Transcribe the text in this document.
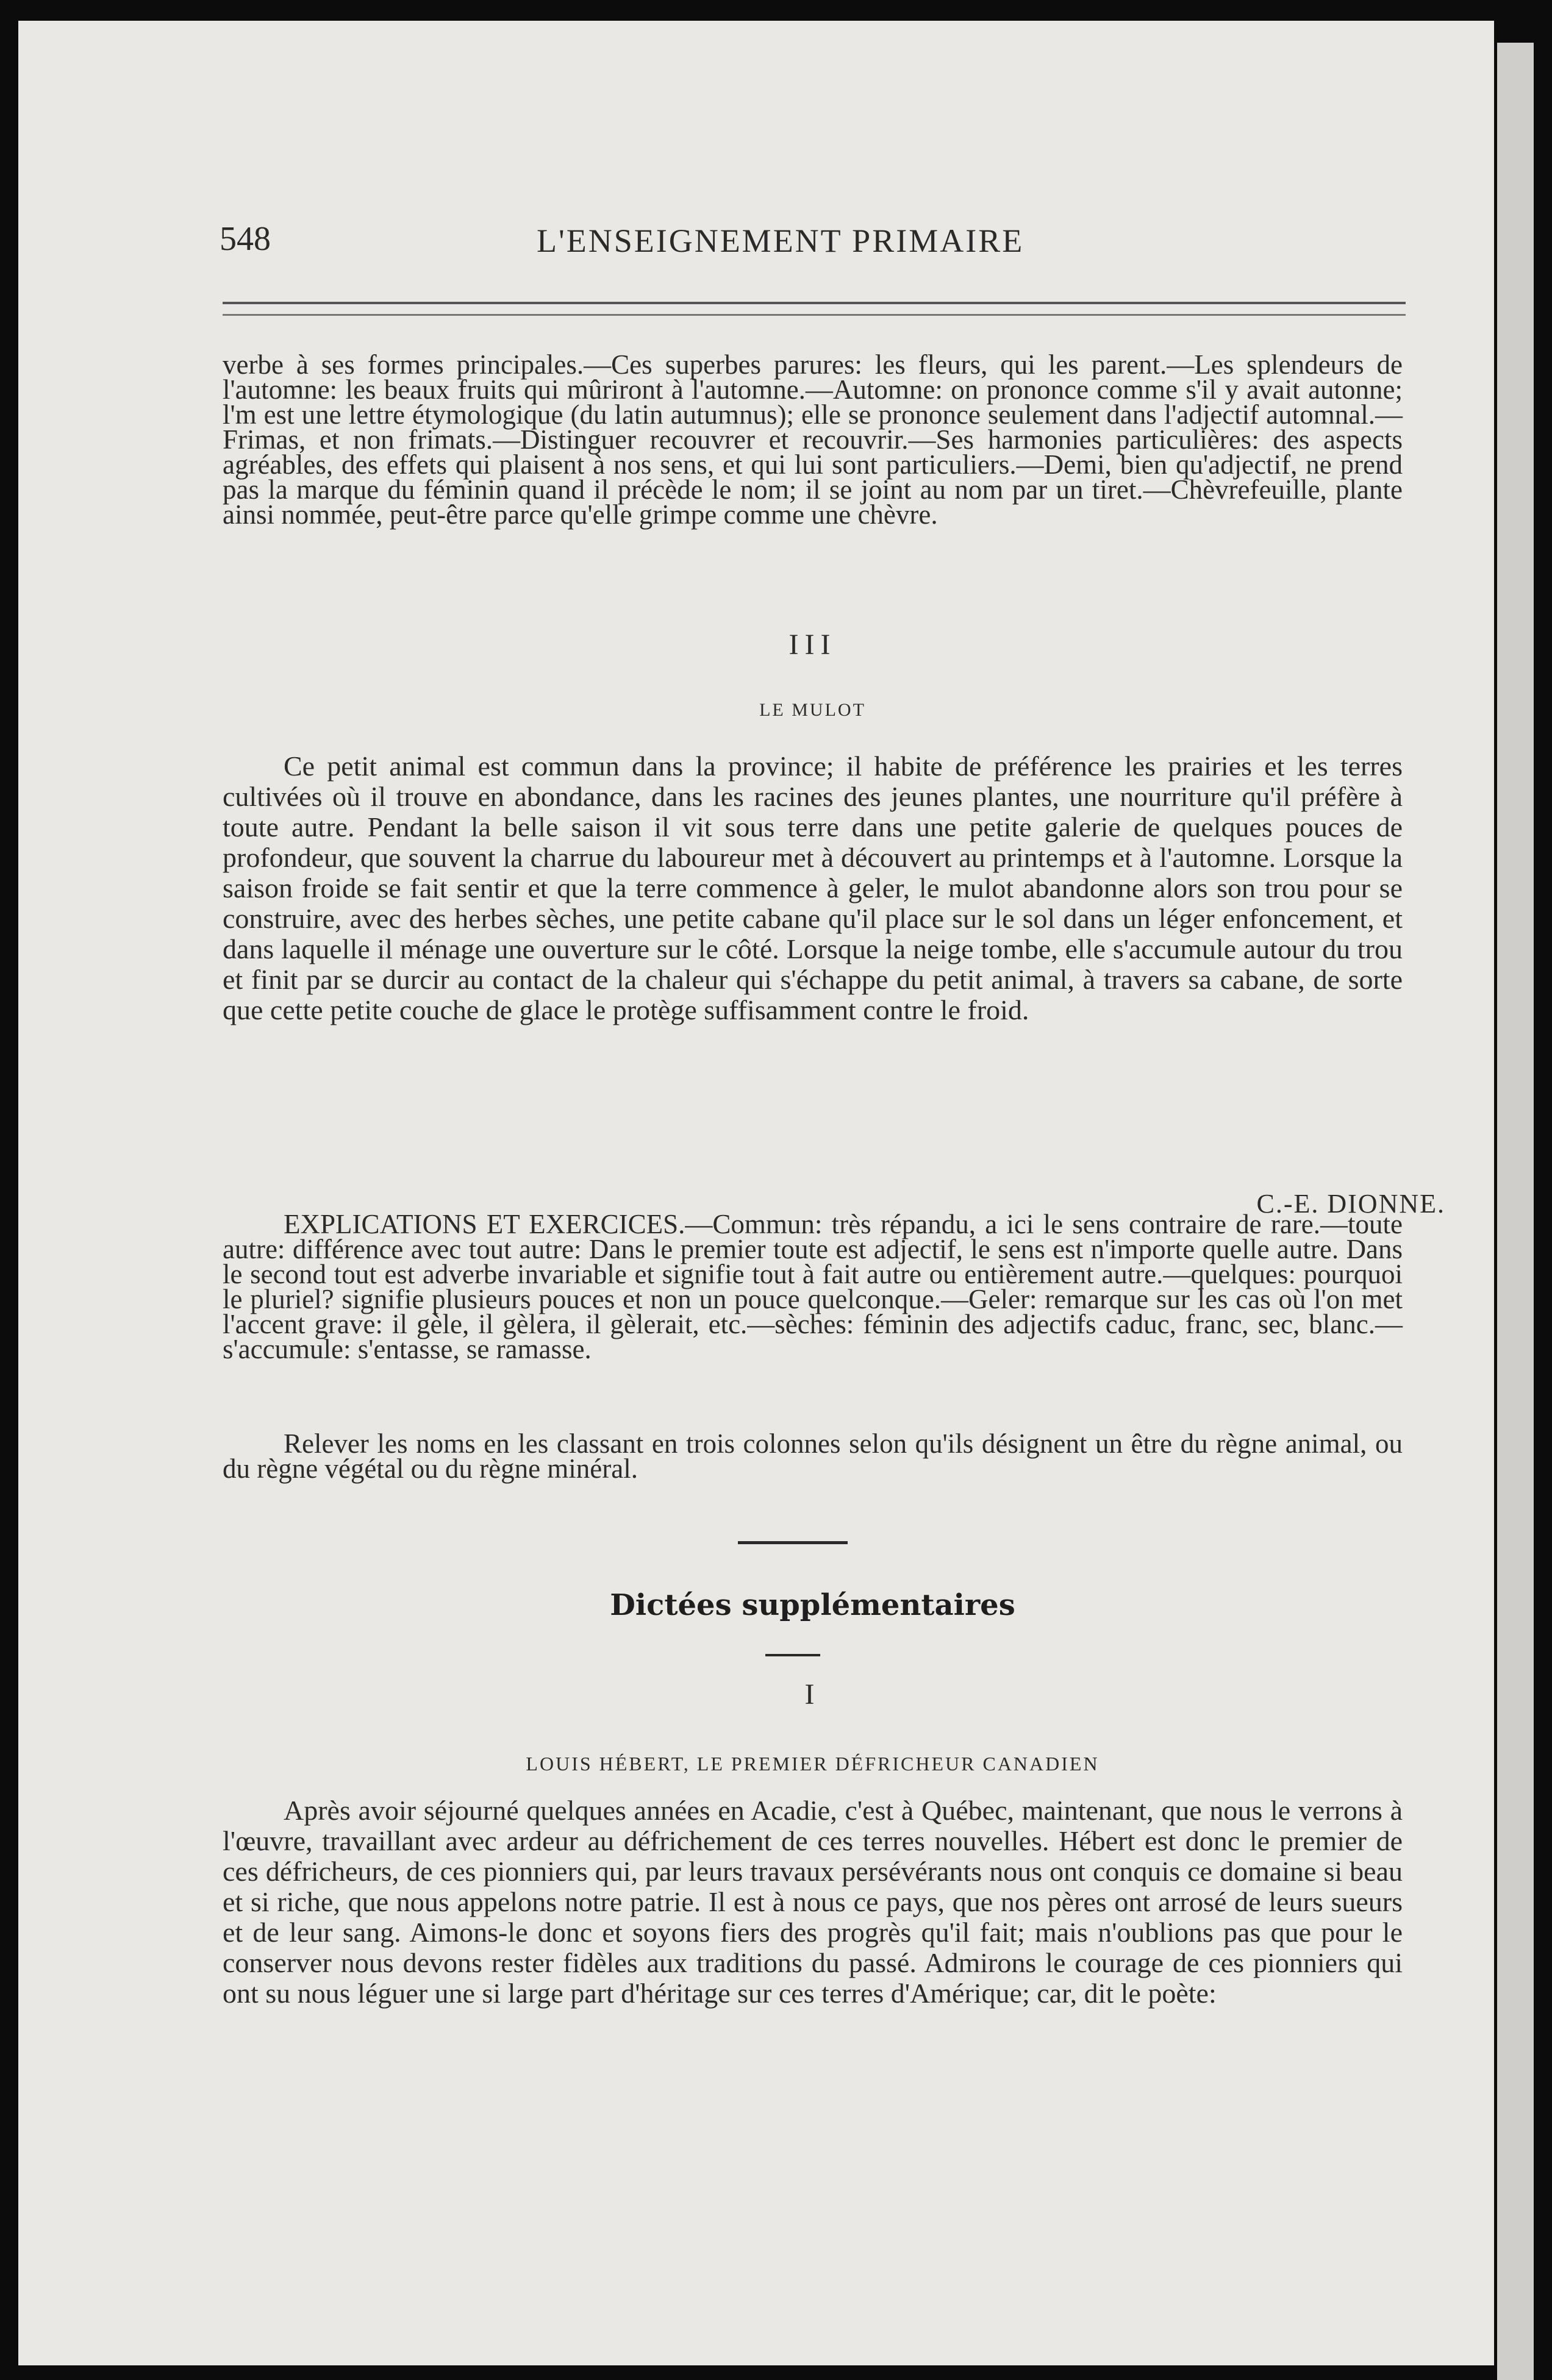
548	L'ENSEIGNEMENT PRIMAIRE

verbe à ses formes principales.—Ces superbes parures: les fleurs, qui les parent.—Les splendeurs de l'automne: les beaux fruits qui mûriront à l'automne.—Automne: on prononce comme s'il y avait autonne; l'm est une lettre étymologique (du latin autumnus); elle se prononce seulement dans l'adjectif automnal.—Frimas, et non frimats.—Distinguer recouvrer et recouvrir.—Ses harmonies particulières: des aspects agréables, des effets qui plaisent à nos sens, et qui lui sont particuliers.—Demi, bien qu'adjectif, ne prend pas la marque du féminin quand il précède le nom; il se joint au nom par un tiret.—Chèvrefeuille, plante ainsi nommée, peut-être parce qu'elle grimpe comme une chèvre.

III

LE MULOT

Ce petit animal est commun dans la province; il habite de préférence les prairies et les terres cultivées où il trouve en abondance, dans les racines des jeunes plantes, une nourriture qu'il préfère à toute autre. Pendant la belle saison il vit sous terre dans une petite galerie de quelques pouces de profondeur, que souvent la charrue du laboureur met à découvert au printemps et à l'automne. Lorsque la saison froide se fait sentir et que la terre commence à geler, le mulot abandonne alors son trou pour se construire, avec des herbes sèches, une petite cabane qu'il place sur le sol dans un léger enfoncement, et dans laquelle il ménage une ouverture sur le côté. Lorsque la neige tombe, elle s'accumule autour du trou et finit par se durcir au contact de la chaleur qui s'échappe du petit animal, à travers sa cabane, de sorte que cette petite couche de glace le protège suffisamment contre le froid.

C.-E. DIONNE.

EXPLICATIONS ET EXERCICES.—Commun: très répandu, a ici le sens contraire de rare.—toute autre: différence avec tout autre: Dans le premier toute est adjectif, le sens est n'importe quelle autre. Dans le second tout est adverbe invariable et signifie tout à fait autre ou entièrement autre.—quelques: pourquoi le pluriel? signifie plusieurs pouces et non un pouce quelconque.—Geler: remarque sur les cas où l'on met l'accent grave: il gèle, il gèlera, il gèlerait, etc.—sèches: féminin des adjectifs caduc, franc, sec, blanc.—s'accumule: s'entasse, se ramasse.

Relever les noms en les classant en trois colonnes selon qu'ils désignent un être du règne animal, ou du règne végétal ou du règne minéral.

Dictées supplémentaires

I

LOUIS HÉBERT, LE PREMIER DÉFRICHEUR CANADIEN

Après avoir séjourné quelques années en Acadie, c'est à Québec, maintenant, que nous le verrons à l'œuvre, travaillant avec ardeur au défrichement de ces terres nouvelles. Hébert est donc le premier de ces défricheurs, de ces pionniers qui, par leurs travaux persévérants nous ont conquis ce domaine si beau et si riche, que nous appelons notre patrie. Il est à nous ce pays, que nos pères ont arrosé de leurs sueurs et de leur sang. Aimons-le donc et soyons fiers des progrès qu'il fait; mais n'oublions pas que pour le conserver nous devons rester fidèles aux traditions du passé. Admirons le courage de ces pionniers qui ont su nous léguer une si large part d'héritage sur ces terres d'Amérique; car, dit le poète:
